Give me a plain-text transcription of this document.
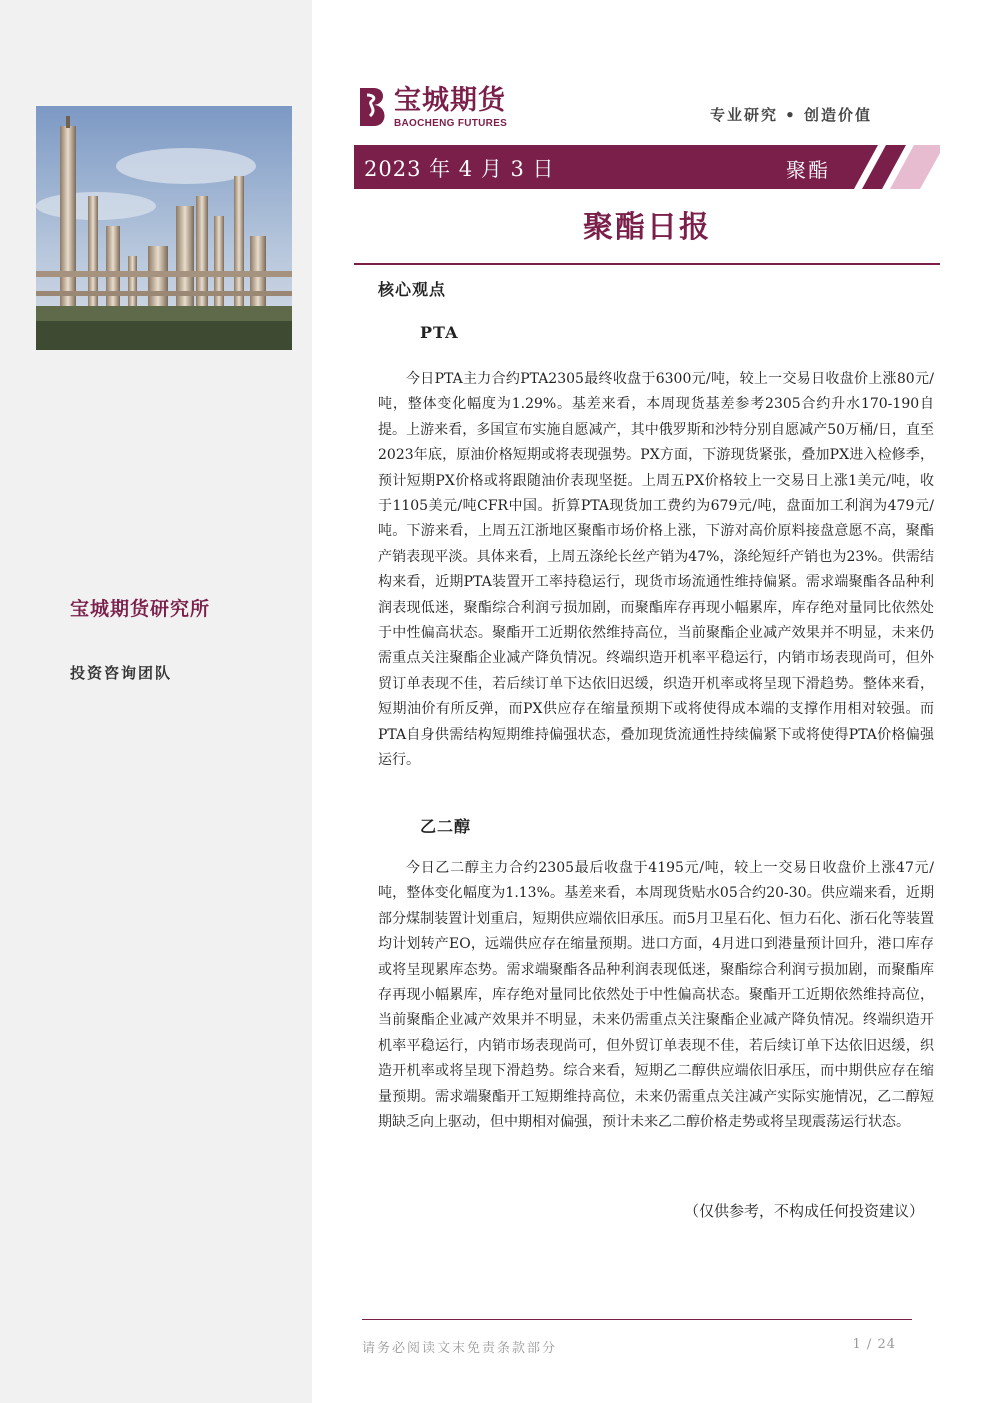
宝城期货研究所
投资咨询团队
宝城期货
BAOCHENG FUTURES	专业研究 • 创造价值
2023 年 4 月 3 日	聚酯
聚酯日报
核心观点
PTA

今日PTA主力合约PTA2305最终收盘于6300元/吨，较上一交易日收盘价上涨80元/吨，整体变化幅度为1.29%。基差来看，本周现货基差参考2305合约升水170-190自提。上游来看，多国宣布实施自愿减产，其中俄罗斯和沙特分别自愿减产50万桶/日，直至2023年底，原油价格短期或将表现强势。PX方面，下游现货紧张，叠加PX进入检修季，预计短期PX价格或将跟随油价表现坚挺。上周五PX价格较上一交易日上涨1美元/吨，收于1105美元/吨CFR中国。折算PTA现货加工费约为679元/吨，盘面加工利润为479元/吨。下游来看，上周五江浙地区聚酯市场价格上涨，下游对高价原料接盘意愿不高，聚酯产销表现平淡。具体来看，上周五涤纶长丝产销为47%，涤纶短纤产销也为23%。供需结构来看，近期PTA装置开工率持稳运行，现货市场流通性维持偏紧。需求端聚酯各品种利润表现低迷，聚酯综合利润亏损加剧，而聚酯库存再现小幅累库，库存绝对量同比依然处于中性偏高状态。聚酯开工近期依然维持高位，当前聚酯企业减产效果并不明显，未来仍需重点关注聚酯企业减产降负情况。终端织造开机率平稳运行，内销市场表现尚可，但外贸订单表现不佳，若后续订单下达依旧迟缓，织造开机率或将呈现下滑趋势。整体来看，短期油价有所反弹，而PX供应存在缩量预期下或将使得成本端的支撑作用相对较强。而PTA自身供需结构短期维持偏强状态，叠加现货流通性持续偏紧下或将使得PTA价格偏强运行。

乙二醇

今日乙二醇主力合约2305最后收盘于4195元/吨，较上一交易日收盘价上涨47元/吨，整体变化幅度为1.13%。基差来看，本周现货贴水05合约20-30。供应端来看，近期部分煤制装置计划重启，短期供应端依旧承压。而5月卫星石化、恒力石化、浙石化等装置均计划转产EO，远端供应存在缩量预期。进口方面，4月进口到港量预计回升，港口库存或将呈现累库态势。需求端聚酯各品种利润表现低迷，聚酯综合利润亏损加剧，而聚酯库存再现小幅累库，库存绝对量同比依然处于中性偏高状态。聚酯开工近期依然维持高位，当前聚酯企业减产效果并不明显，未来仍需重点关注聚酯企业减产降负情况。终端织造开机率平稳运行，内销市场表现尚可，但外贸订单表现不佳，若后续订单下达依旧迟缓，织造开机率或将呈现下滑趋势。综合来看，短期乙二醇供应端依旧承压，而中期供应存在缩量预期。需求端聚酯开工短期维持高位，未来仍需重点关注减产实际实施情况，乙二醇短期缺乏向上驱动，但中期相对偏强，预计未来乙二醇价格走势或将呈现震荡运行状态。

（仅供参考，不构成任何投资建议）
请务必阅读文末免责条款部分	1 / 24
